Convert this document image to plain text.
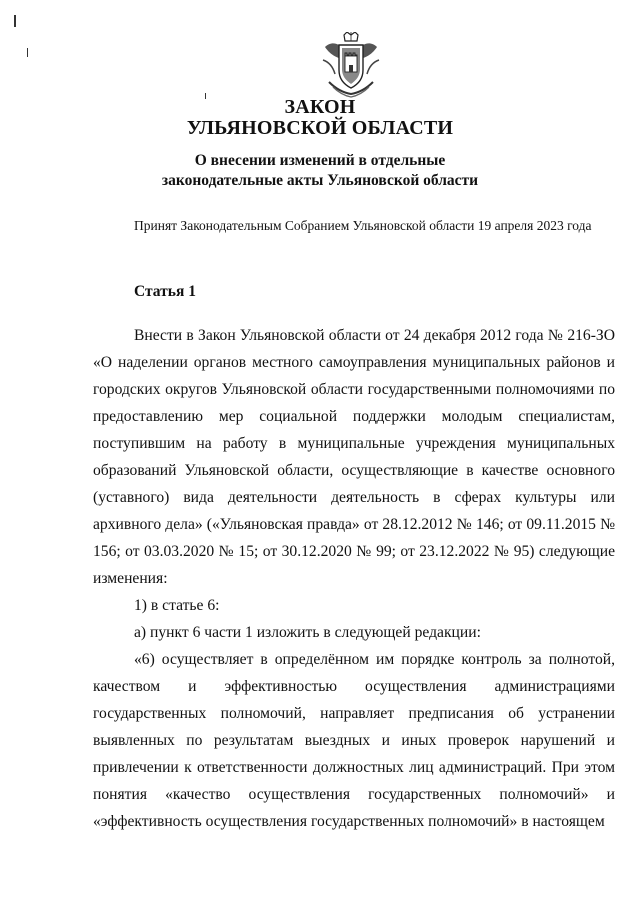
ЗАКОН
УЛЬЯНОВСКОЙ ОБЛАСТИ
О внесении изменений в отдельные
законодательные акты Ульяновской области
Принят Законодательным Собранием Ульяновской области 19 апреля 2023 года
Статья 1

Внести в Закон Ульяновской области от 24 декабря 2012 года № 216-ЗО «О наделении органов местного самоуправления муниципальных районов и городских округов Ульяновской области государственными полномочиями по предоставлению мер социальной поддержки молодым специалистам, поступившим на работу в муниципальные учреждения муниципальных образований Ульяновской области, осуществляющие в качестве основного (уставного) вида деятельности деятельность в сферах культуры или архивного дела» («Ульяновская правда» от 28.12.2012 № 146; от 09.11.2015 № 156; от 03.03.2020 № 15; от 30.12.2020 № 99; от 23.12.2022 № 95) следующие изменения:

1) в статье 6:

а) пункт 6 части 1 изложить в следующей редакции:

«6) осуществляет в определённом им порядке контроль за полнотой, качеством и эффективностью осуществления администрациями государственных полномочий, направляет предписания об устранении выявленных по результатам выездных и иных проверок нарушений и привлечении к ответственности должностных лиц администраций. При этом понятия «качество осуществления государственных полномочий» и «эффективность осуществления государственных полномочий» в настоящем
